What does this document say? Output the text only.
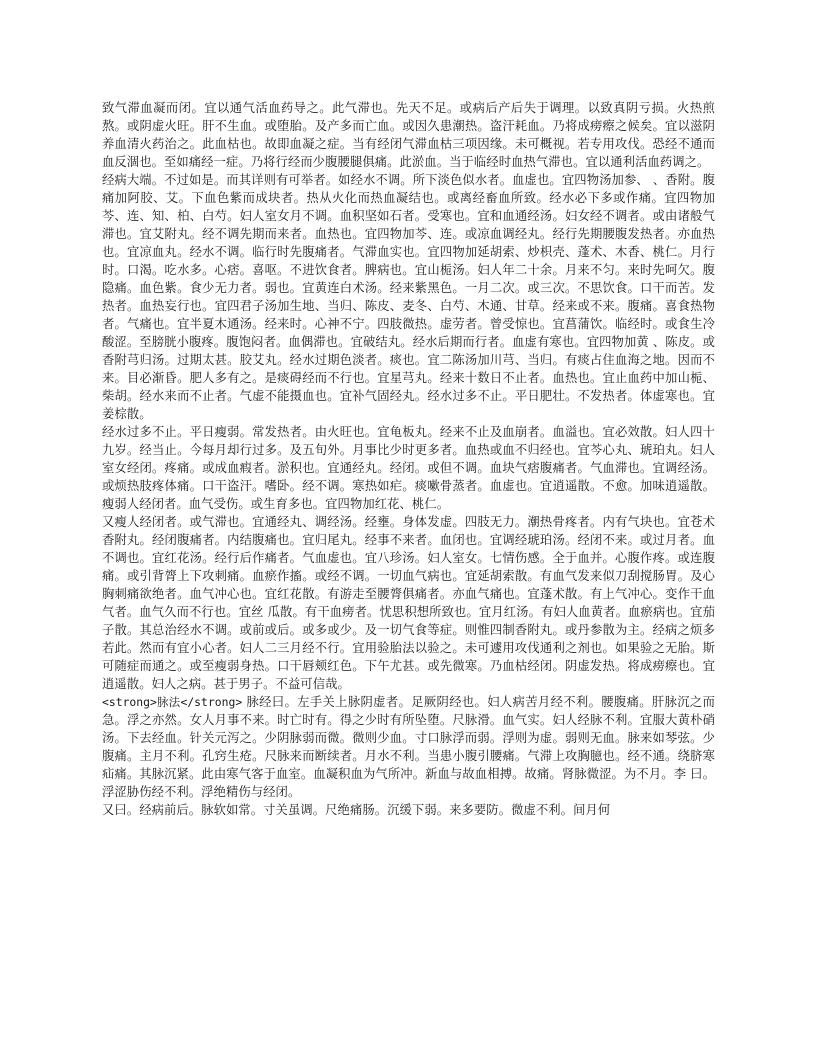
致气滞血凝而闭。宜以通气活血药导之。此气滞也。先天不足。或病后产后失于调理。以致真阴亏损。火热煎熬。或阴虚火旺。肝不生血。或堕胎。及产多而亡血。或因久患潮热。盗汗耗血。乃将成痨瘵之候矣。宜以滋阴养血清火药治之。此血枯也。故即血凝之症。当有经闭气滞血枯三项因缘。未可概视。若专用攻伐。恐经不通而血反涸也。至如痛经一症。乃将行经而少腹腰腿俱痛。此淤血。当于临经时血热气滞也。宜以通利活血药调之。

经病大端。不过如是。而其详则有可举者。如经水不调。所下淡色似水者。血虚也。宜四物汤加参、 、香附。腹痛加阿胶、艾。下血色紫而成块者。热从火化而热血凝结也。或离经畜血所致。经水必下多或作痛。宜四物加芩、连、知、柏、白芍。妇人室女月不调。血积坚如石者。受寒也。宜和血通经汤。妇女经不调者。或由诸般气滞也。宜艾附丸。经不调先期而来者。血热也。宜四物加芩、连。或凉血调经丸。经行先期腰腹发热者。亦血热也。宜凉血丸。经水不调。临行时先腹痛者。气滞血实也。宜四物加延胡索、炒枳壳、蓬术、木香、桃仁。月行时。口渴。吃水多。心痞。喜呕。不进饮食者。脾病也。宜山栀汤。妇人年二十余。月来不匀。来时先呵欠。腹隐痛。血色紫。食少无力者。弱也。宜黄连白术汤。经来紫黑色。一月二次。或三次。不思饮食。口干而苦。发热者。血热妄行也。宜四君子汤加生地、当归、陈皮、麦冬、白芍、木通、甘草。经来或不来。腹痛。喜食热物者。气痛也。宜半夏木通汤。经来时。心神不宁。四肢微热。虚劳者。曾受惊也。宜菖蒲饮。临经时。或食生冷酸涩。至膀胱小腹疼。腹饱闷者。血偶滞也。宜破结丸。经水后期而行者。血虚有寒也。宜四物加黄 、陈皮。或香附芎归汤。过期太甚。胶艾丸。经水过期色淡者。痰也。宜二陈汤加川芎、当归。有痰占住血海之地。因而不来。目必渐昏。肥人多有之。是痰碍经而不行也。宜星芎丸。经来十数日不止者。血热也。宜止血药中加山栀、柴胡。经水来而不止者。气虚不能摄血也。宜补气固经丸。经水过多不止。平日肥壮。不发热者。体虚寒也。宜姜棕散。

经水过多不止。平日瘦弱。常发热者。由火旺也。宜龟板丸。经来不止及血崩者。血溢也。宜必效散。妇人四十九岁。经当止。今每月却行过多。及五旬外。月事比少时更多者。血热或血不归经也。宜芩心丸、琥珀丸。妇人室女经闭。疼痛。或成血瘕者。淤积也。宜通经丸。经闭。或但不调。血块气痞腹痛者。气血滞也。宜调经汤。或烦热肢疼体痛。口干盗汗。嗜卧。经不调。寒热如疟。痰嗽骨蒸者。血虚也。宜逍遥散。不愈。加味逍遥散。瘦弱人经闭者。血气受伤。或生育多也。宜四物加红花、桃仁。

又瘦人经闭者。或气滞也。宜通经丸、调经汤。经壅。身体发虚。四肢无力。潮热骨疼者。内有气块也。宜苍术香附丸。经闭腹痛者。内结腹痛也。宜归尾丸。经事不来者。血闭也。宜调经琥珀汤。经闭不来。或过月者。血不调也。宜红花汤。经行后作痛者。气血虚也。宜八珍汤。妇人室女。七情伤感。全于血并。心腹作疼。或连腹痛。或引背膂上下攻刺痛。血瘀作搐。或经不调。一切血气病也。宜延胡索散。有血气发来似刀刮搅肠胃。及心胸刺痛欲绝者。血气冲心也。宜红花散。有游走至腰膂俱痛者。亦血气痛也。宜蓬术散。有上气冲心。变作干血气者。血气久而不行也。宜丝 瓜散。有干血痨者。忧思积想所致也。宜月红汤。有妇人血黄者。血瘀病也。宜茄子散。其总治经水不调。或前或后。或多或少。及一切气食等症。则惟四制香附丸。或丹参散为主。经病之烦多若此。然而有宜小心者。妇人二三月经不行。宜用验胎法以验之。未可遽用攻伐通利之剂也。如果验之无胎。斯可随症而通之。或至瘦弱身热。口干唇颊红色。下午尤甚。或先微寒。乃血枯经闭。阴虚发热。将成痨瘵也。宜逍遥散。妇人之病。甚于男子。不益可信哉。

<strong>脉法</strong> 脉经曰。左手关上脉阴虚者。足厥阴经也。妇人病苦月经不利。腰腹痛。肝脉沉之而急。浮之亦然。女人月事不来。时亡时有。得之少时有所坠堕。尺脉滑。血气实。妇人经脉不利。宜服大黄朴硝汤。下去经血。针关元泻之。少阴脉弱而微。微则少血。寸口脉浮而弱。浮则为虚。弱则无血。脉来如琴弦。少腹痛。主月不利。孔窍生疮。尺脉来而断续者。月水不利。当患小腹引腰痛。气滞上攻胸臆也。经不通。绕脐寒疝痛。其脉沉紧。此由寒气客于血室。血凝积血为气所冲。新血与故血相搏。故痛。肾脉微涩。为不月。李 曰。浮涩胁伤经不利。浮绝精伤与经闭。

又曰。经病前后。脉软如常。寸关虽调。尺绝痛肠。沉缓下弱。来多要防。微虚不利。间月何
